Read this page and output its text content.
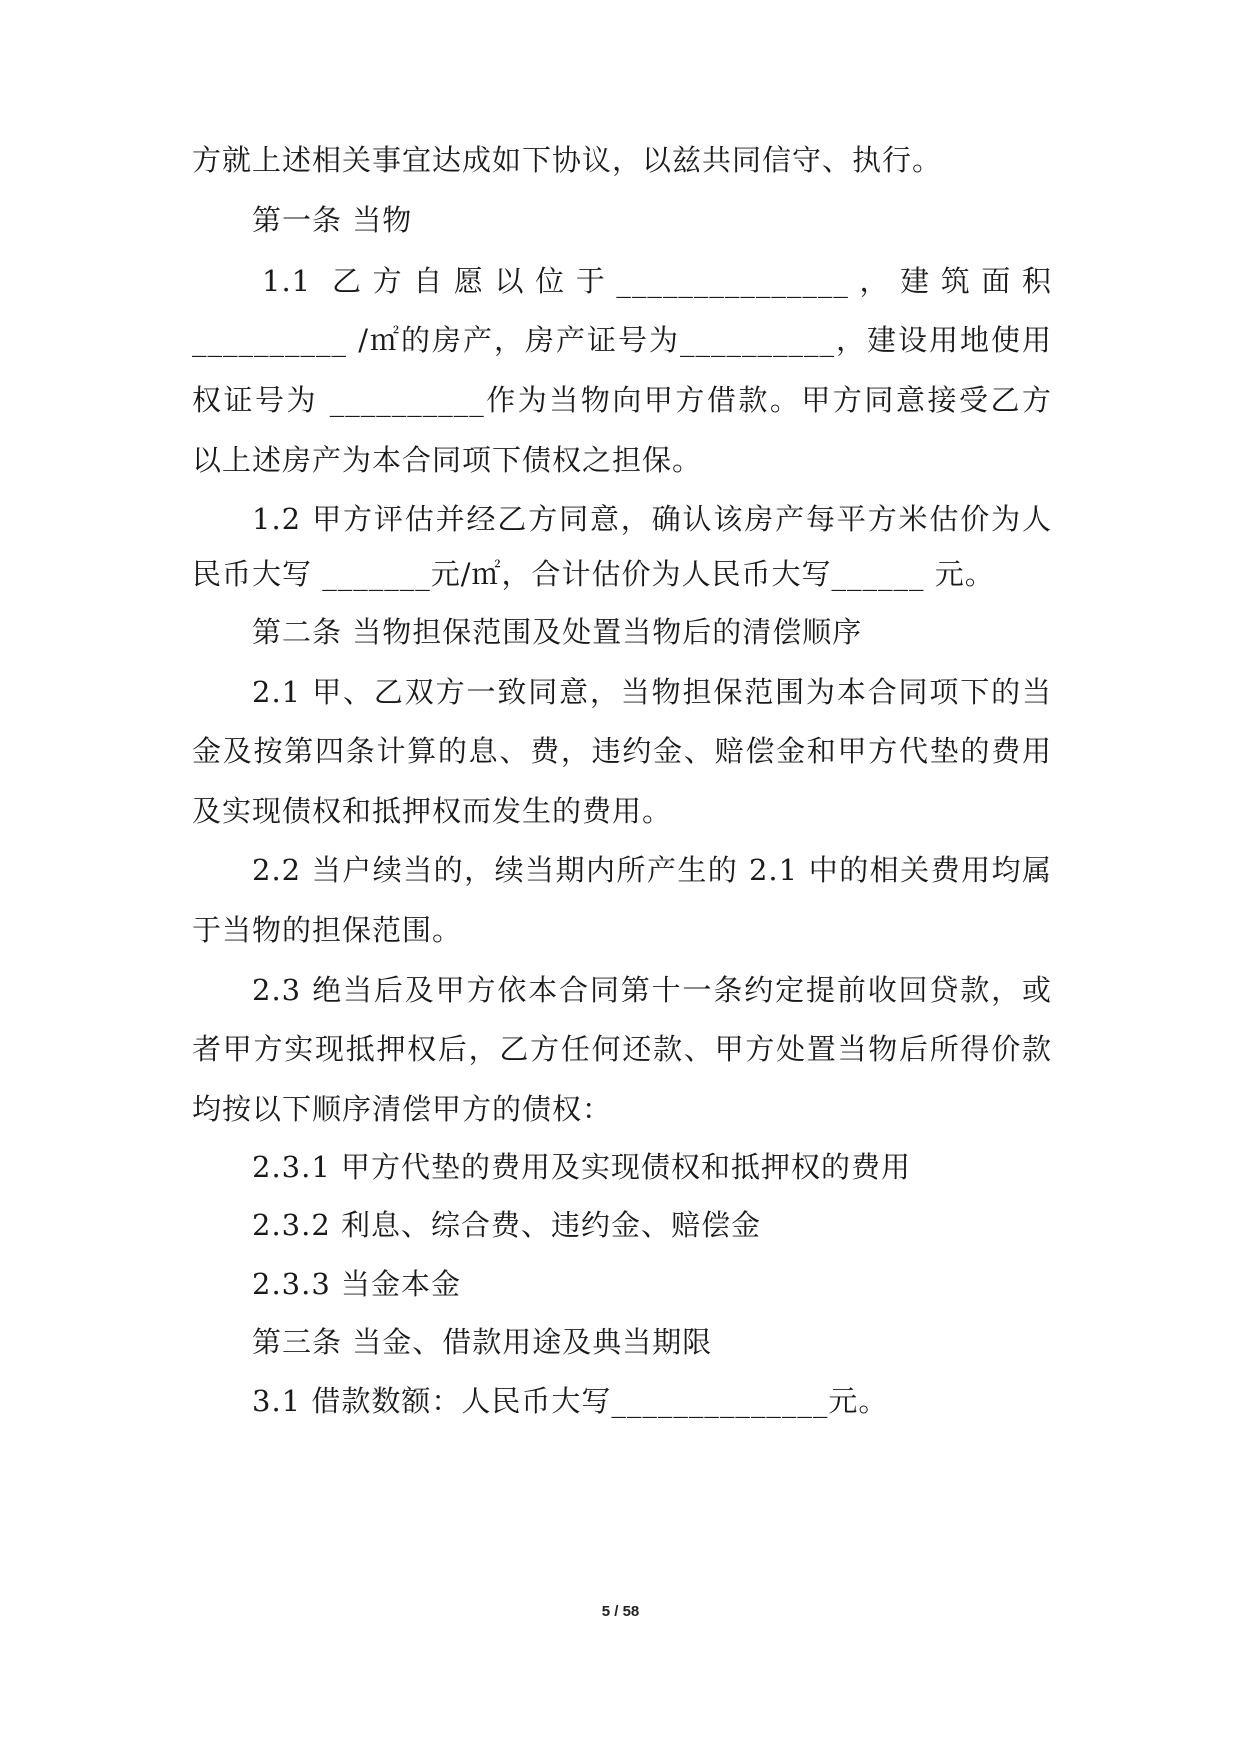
方就上述相关事宜达成如下协议，以兹共同信守、执行。
第一条 当物
1.1 乙方自愿以位于_______________，建筑面积
__________ /㎡的房产，房产证号为__________，建设用地使用
权证号为 __________作为当物向甲方借款。甲方同意接受乙方
以上述房产为本合同项下债权之担保。
1.2 甲方评估并经乙方同意，确认该房产每平方米估价为人
民币大写 _______元/㎡，合计估价为人民币大写______ 元。
第二条 当物担保范围及处置当物后的清偿顺序
2.1 甲、乙双方一致同意，当物担保范围为本合同项下的当
金及按第四条计算的息、费，违约金、赔偿金和甲方代垫的费用
及实现债权和抵押权而发生的费用。
2.2 当户续当的，续当期内所产生的 2.1 中的相关费用均属
于当物的担保范围。
2.3 绝当后及甲方依本合同第十一条约定提前收回贷款，或
者甲方实现抵押权后，乙方任何还款、甲方处置当物后所得价款
均按以下顺序清偿甲方的债权：
2.3.1 甲方代垫的费用及实现债权和抵押权的费用
2.3.2 利息、综合费、违约金、赔偿金
2.3.3 当金本金
第三条 当金、借款用途及典当期限
3.1 借款数额：人民币大写______________元。
5 / 58
